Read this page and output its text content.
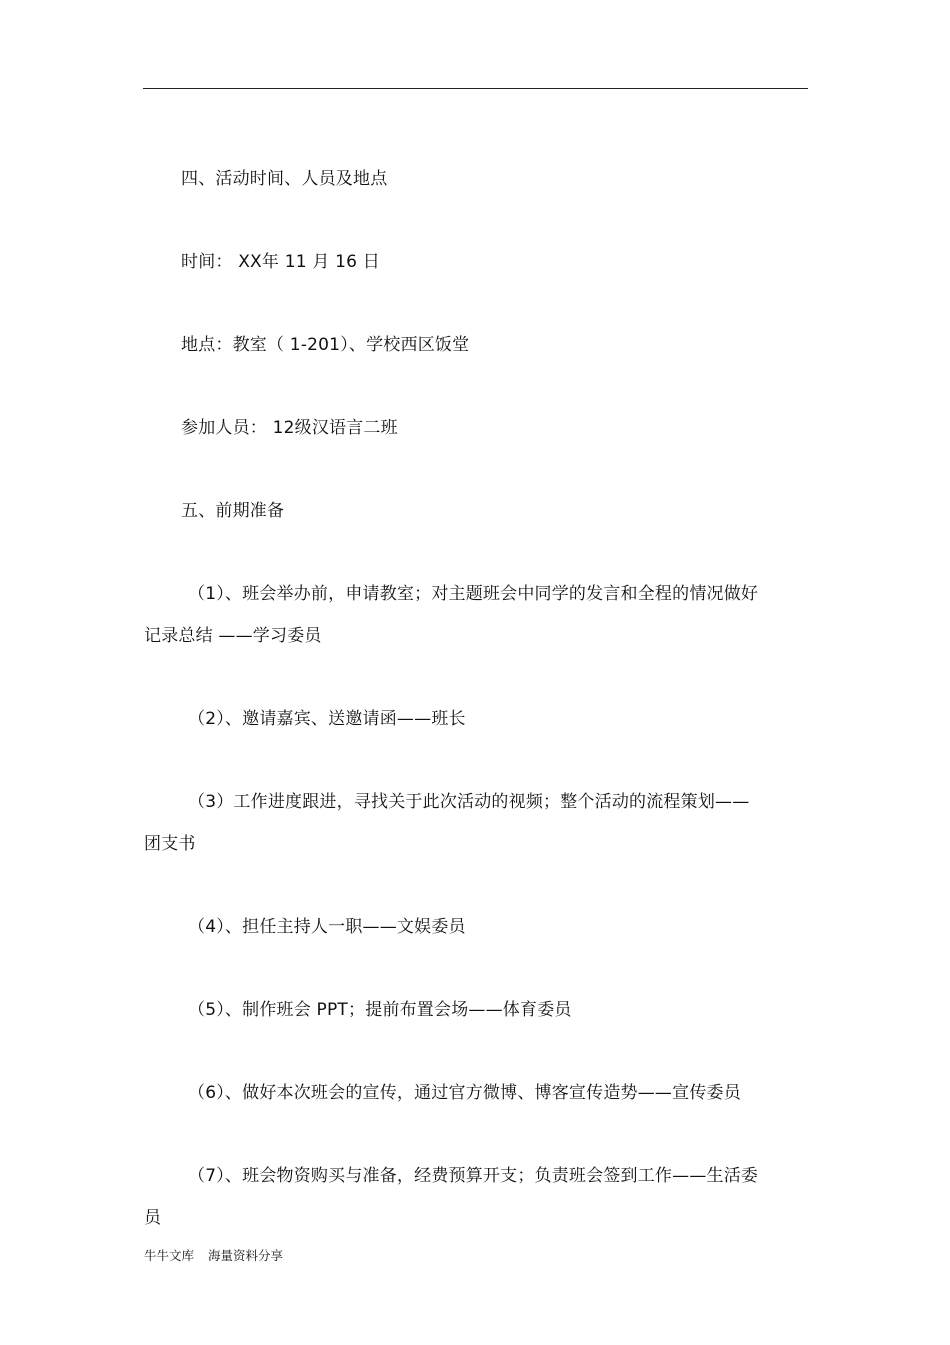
四、活动时间、人员及地点
时间： XX年 11 月 16 日
地点：教室（ 1-201）、学校西区饭堂
参加人员： 12级汉语言二班
五、前期准备
（1）、班会举办前，申请教室；对主题班会中同学的发言和全程的情况做好
记录总结 ——学习委员
（2）、邀请嘉宾、送邀请函——班长
（3）工作进度跟进，寻找关于此次活动的视频；整个活动的流程策划——
团支书
（4）、担任主持人一职——文娱委员
（5）、制作班会 PPT；提前布置会场——体育委员
（6）、做好本次班会的宣传，通过官方微博、博客宣传造势——宣传委员
（7）、班会物资购买与准备，经费预算开支；负责班会签到工作——生活委
员
牛牛文库 海量资料分享
